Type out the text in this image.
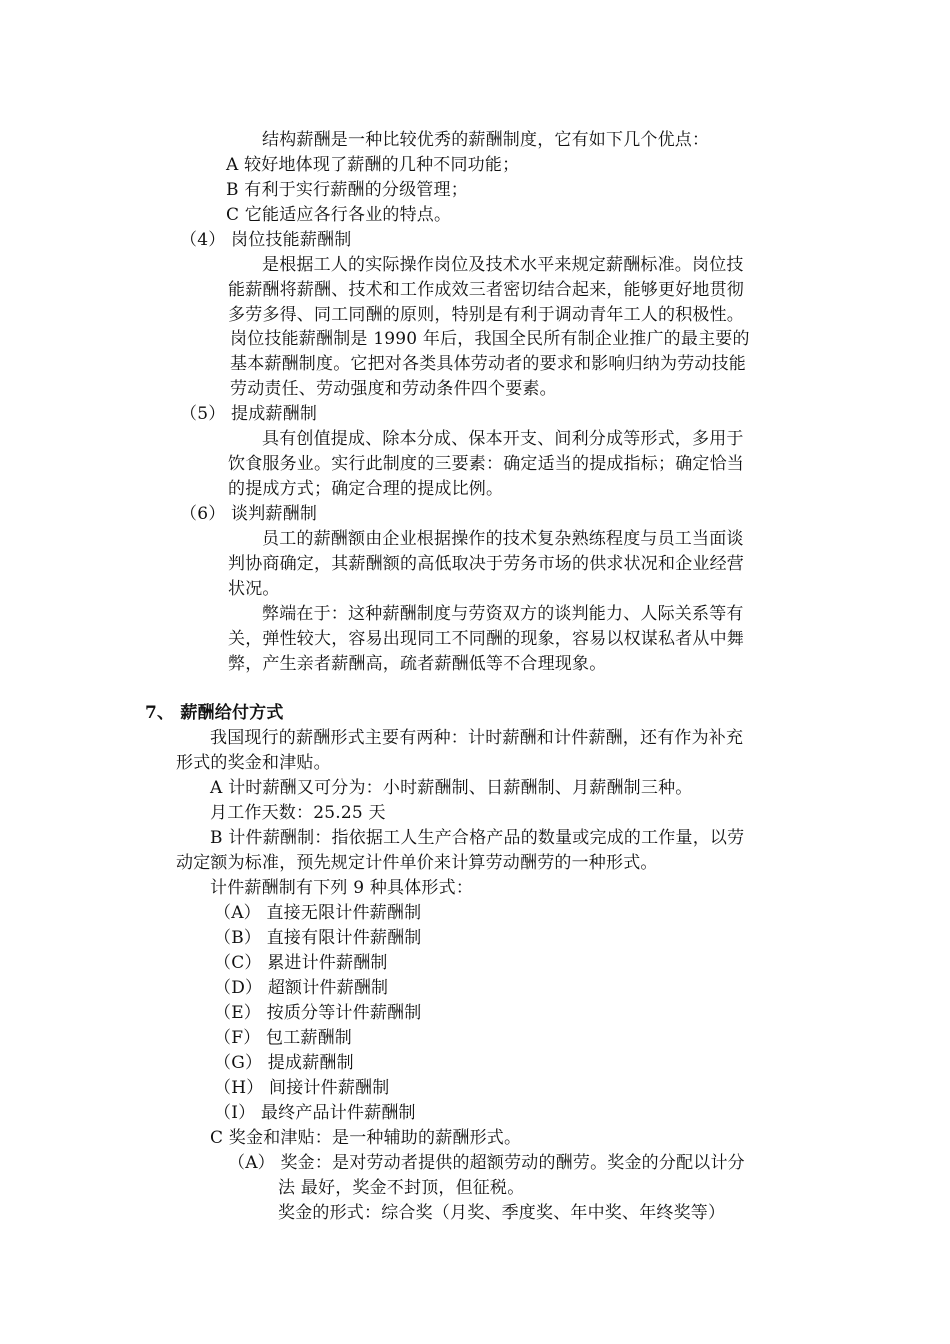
结构薪酬是一种比较优秀的薪酬制度，它有如下几个优点：
A 较好地体现了薪酬的几种不同功能；
B 有利于实行薪酬的分级管理；
C 它能适应各行各业的特点。
（4） 岗位技能薪酬制
是根据工人的实际操作岗位及技术水平来规定薪酬标准。岗位技
能薪酬将薪酬、技术和工作成效三者密切结合起来，能够更好地贯彻
多劳多得、同工同酬的原则，特别是有利于调动青年工人的积极性。
岗位技能薪酬制是 1990 年后，我国全民所有制企业推广的最主要的
基本薪酬制度。它把对各类具体劳动者的要求和影响归纳为劳动技能
劳动责任、劳动强度和劳动条件四个要素。
（5） 提成薪酬制
具有创值提成、除本分成、保本开支、间利分成等形式，多用于
饮食服务业。实行此制度的三要素：确定适当的提成指标；确定恰当
的提成方式；确定合理的提成比例。
（6） 谈判薪酬制
员工的薪酬额由企业根据操作的技术复杂熟练程度与员工当面谈
判协商确定，其薪酬额的高低取决于劳务市场的供求状况和企业经营
状况。
弊端在于：这种薪酬制度与劳资双方的谈判能力、人际关系等有
关，弹性较大，容易出现同工不同酬的现象，容易以权谋私者从中舞
弊，产生亲者薪酬高，疏者薪酬低等不合理现象。
7、 薪酬给付方式
我国现行的薪酬形式主要有两种：计时薪酬和计件薪酬，还有作为补充
形式的奖金和津贴。
A 计时薪酬又可分为：小时薪酬制、日薪酬制、月薪酬制三种。
月工作天数：25.25 天
B 计件薪酬制：指依据工人生产合格产品的数量或完成的工作量，以劳
动定额为标准，预先规定计件单价来计算劳动酬劳的一种形式。
计件薪酬制有下列 9 种具体形式：
（A） 直接无限计件薪酬制
（B） 直接有限计件薪酬制
（C） 累进计件薪酬制
（D） 超额计件薪酬制
（E） 按质分等计件薪酬制
（F） 包工薪酬制
（G） 提成薪酬制
（H） 间接计件薪酬制
（I） 最终产品计件薪酬制
C 奖金和津贴：是一种辅助的薪酬形式。
（A） 奖金：是对劳动者提供的超额劳动的酬劳。奖金的分配以计分
法 最好，奖金不封顶，但征税。
奖金的形式：综合奖（月奖、季度奖、年中奖、年终奖等）
